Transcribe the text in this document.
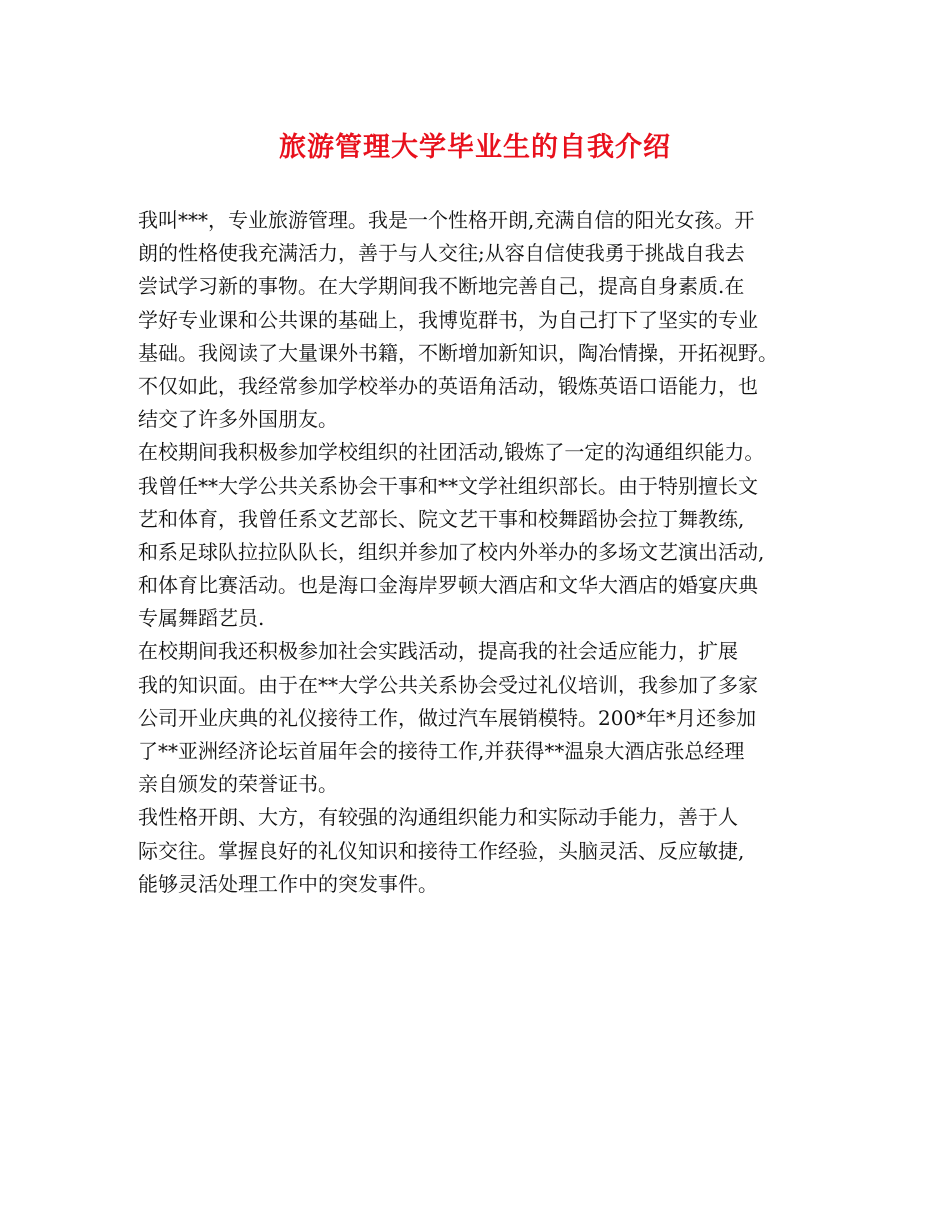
旅游管理大学毕业生的自我介绍
我叫***，专业旅游管理。我是一个性格开朗,充满自信的阳光女孩。开
朗的性格使我充满活力，善于与人交往;从容自信使我勇于挑战自我去
尝试学习新的事物。在大学期间我不断地完善自己，提高自身素质.在
学好专业课和公共课的基础上，我博览群书，为自己打下了坚实的专业
基础。我阅读了大量课外书籍，不断增加新知识，陶冶情操，开拓视野。
不仅如此，我经常参加学校举办的英语角活动，锻炼英语口语能力，也
结交了许多外国朋友。
在校期间我积极参加学校组织的社团活动,锻炼了一定的沟通组织能力。
我曾任**大学公共关系协会干事和**文学社组织部长。由于特别擅长文
艺和体育，我曾任系文艺部长、院文艺干事和校舞蹈协会拉丁舞教练,
和系足球队拉拉队队长，组织并参加了校内外举办的多场文艺演出活动,
和体育比赛活动。也是海口金海岸罗顿大酒店和文华大酒店的婚宴庆典
专属舞蹈艺员.
在校期间我还积极参加社会实践活动，提高我的社会适应能力，扩展
我的知识面。由于在**大学公共关系协会受过礼仪培训，我参加了多家
公司开业庆典的礼仪接待工作，做过汽车展销模特。200*年*月还参加
了**亚洲经济论坛首届年会的接待工作,并获得**温泉大酒店张总经理
亲自颁发的荣誉证书。
我性格开朗、大方，有较强的沟通组织能力和实际动手能力，善于人
际交往。掌握良好的礼仪知识和接待工作经验，头脑灵活、反应敏捷,
能够灵活处理工作中的突发事件。
